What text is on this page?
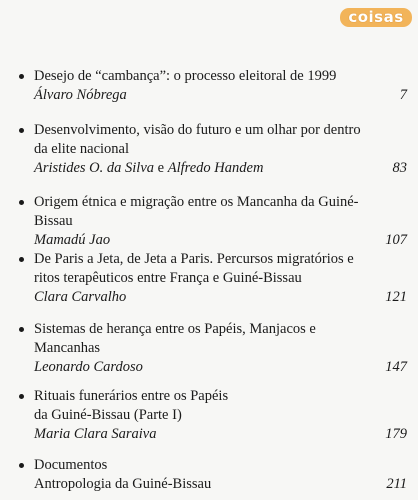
coisas
Desejo de “cambança”: o processo eleitoral de 1999
Álvaro Nóbrega	7
Desenvolvimento, visão do futuro e um olhar por dentro
da elite nacional
Aristides O. da Silva e Alfredo Handem	83
Origem étnica e migração entre os Mancanha da Guiné-
Bissau
Mamadú Jao	107
De Paris a Jeta, de Jeta a Paris. Percursos migratórios e
ritos terapêuticos entre França e Guiné-Bissau
Clara Carvalho	121
Sistemas de herança entre os Papéis, Manjacos e
Mancanhas
Leonardo Cardoso	147
Rituais funerários entre os Papéis
da Guiné-Bissau (Parte I)
Maria Clara Saraiva	179
Documentos
Antropologia da Guiné-Bissau	211
